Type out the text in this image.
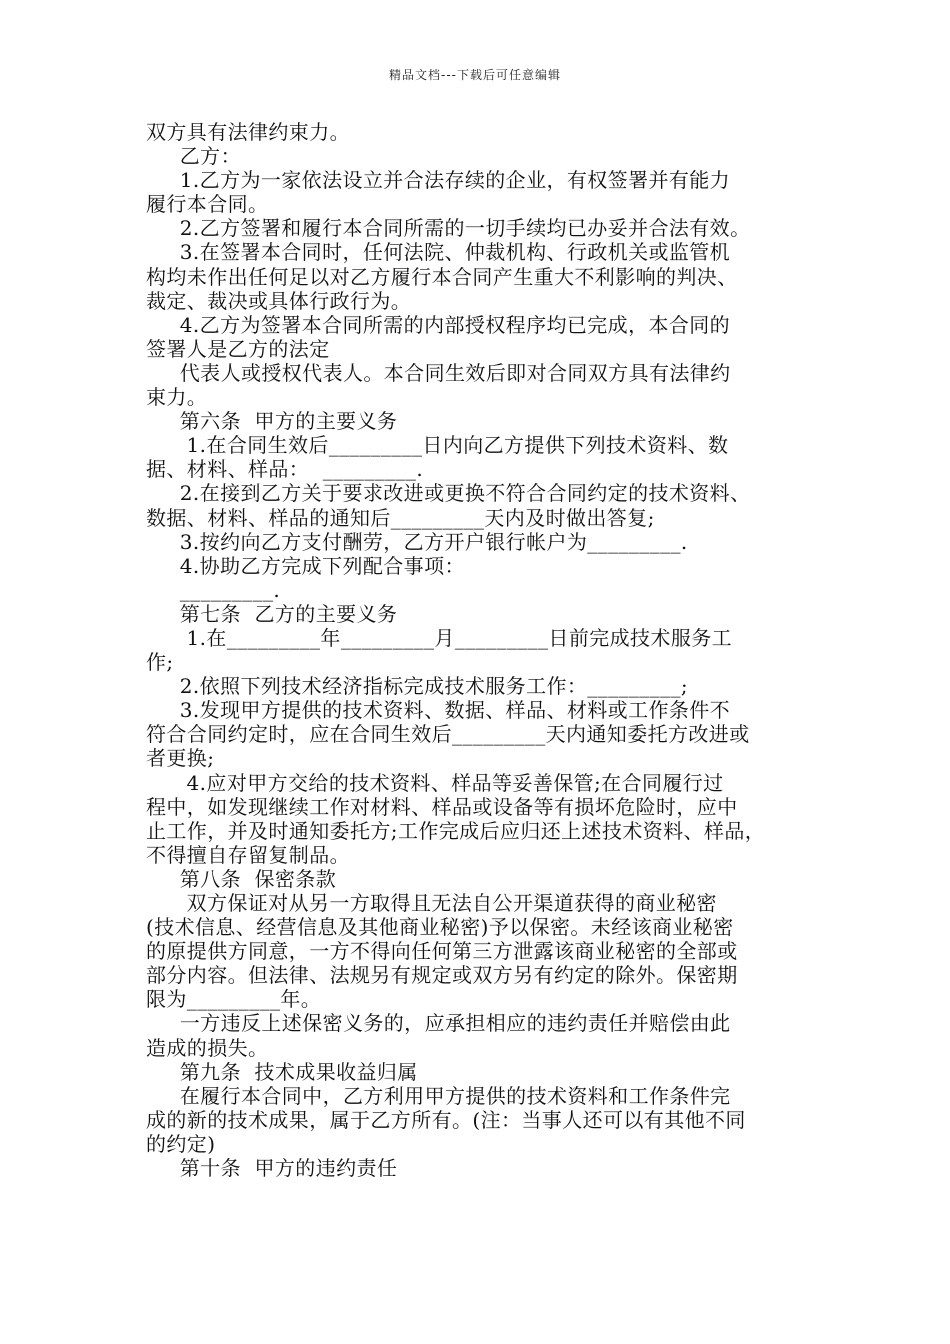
精品文档---下载后可任意编辑
双方具有法律约束力。
乙方：
1.乙方为一家依法设立并合法存续的企业，有权签署并有能力
履行本合同。
2.乙方签署和履行本合同所需的一切手续均已办妥并合法有效。
3.在签署本合同时，任何法院、仲裁机构、行政机关或监管机
构均未作出任何足以对乙方履行本合同产生重大不利影响的判决、
裁定、裁决或具体行政行为。
4.乙方为签署本合同所需的内部授权程序均已完成，本合同的
签署人是乙方的法定
代表人或授权代表人。本合同生效后即对合同双方具有法律约
束力。
第六条  甲方的主要义务
1.在合同生效后_________日内向乙方提供下列技术资料、数
据、材料、样品：  _________.
2.在接到乙方关于要求改进或更换不符合合同约定的技术资料、
数据、材料、样品的通知后_________天内及时做出答复;
3.按约向乙方支付酬劳，乙方开户银行帐户为_________.
4.协助乙方完成下列配合事项：
_________.
第七条  乙方的主要义务
1.在_________年_________月_________日前完成技术服务工
作;
2.依照下列技术经济指标完成技术服务工作：_________;
3.发现甲方提供的技术资料、数据、样品、材料或工作条件不
符合合同约定时，应在合同生效后_________天内通知委托方改进或
者更换;
4.应对甲方交给的技术资料、样品等妥善保管;在合同履行过
程中，如发现继续工作对材料、样品或设备等有损坏危险时，应中
止工作，并及时通知委托方;工作完成后应归还上述技术资料、样品，
不得擅自存留复制品。
第八条  保密条款
双方保证对从另一方取得且无法自公开渠道获得的商业秘密
(技术信息、经营信息及其他商业秘密)予以保密。未经该商业秘密
的原提供方同意，一方不得向任何第三方泄露该商业秘密的全部或
部分内容。但法律、法规另有规定或双方另有约定的除外。保密期
限为_________年。
一方违反上述保密义务的，应承担相应的违约责任并赔偿由此
造成的损失。
第九条  技术成果收益归属
在履行本合同中，乙方利用甲方提供的技术资料和工作条件完
成的新的技术成果，属于乙方所有。(注：当事人还可以有其他不同
的约定)
第十条  甲方的违约责任
